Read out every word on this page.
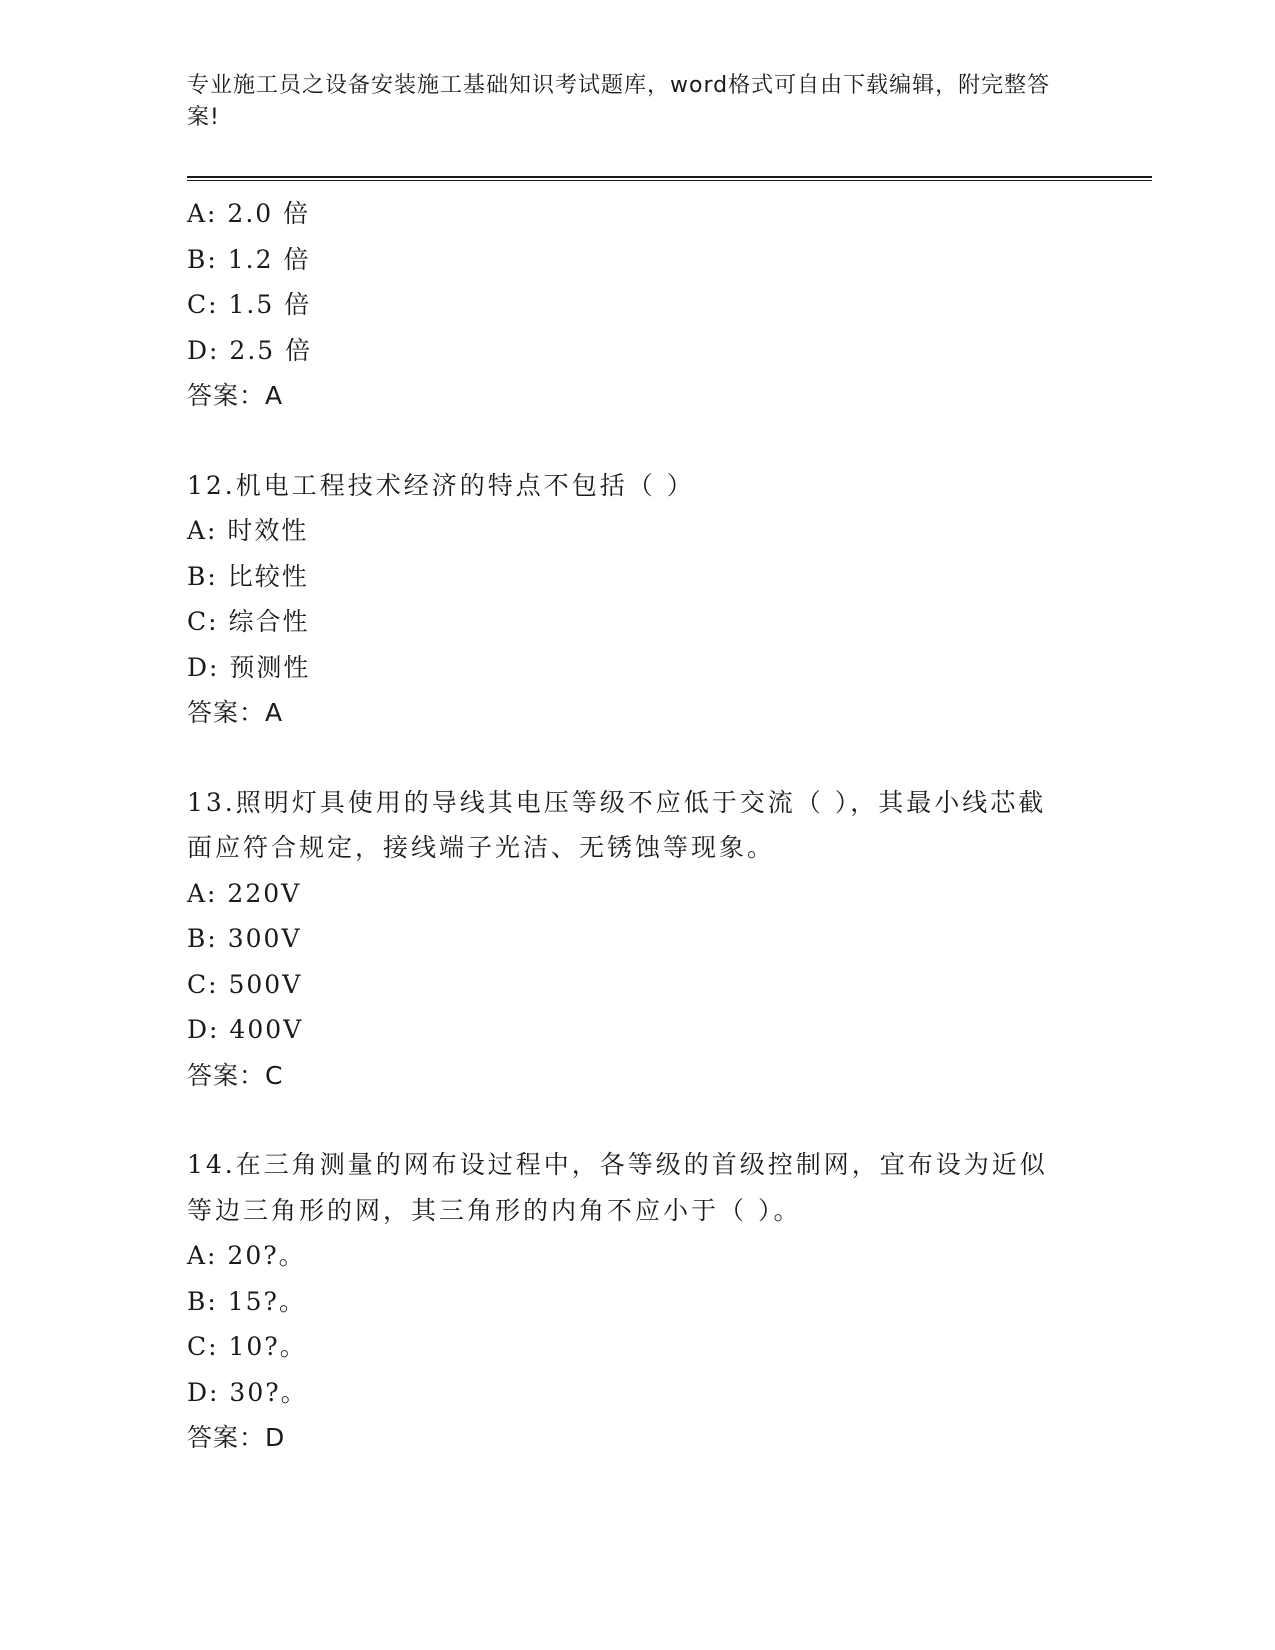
专业施工员之设备安装施工基础知识考试题库，word格式可自由下载编辑，附完整答案!

A: 2.0 倍
B: 1.2 倍
C: 1.5 倍
D: 2.5 倍
答案：A
12.机电工程技术经济的特点不包括（ ）
A: 时效性
B: 比较性
C: 综合性
D: 预测性
答案：A
13.照明灯具使用的导线其电压等级不应低于交流（ ），其最小线芯截面应符合规定，接线端子光洁、无锈蚀等现象。
A: 220V
B: 300V
C: 500V
D: 400V
答案：C
14.在三角测量的网布设过程中，各等级的首级控制网，宜布设为近似等边三角形的网，其三角形的内角不应小于（ ）。
A: 20?。
B: 15?。
C: 10?。
D: 30?。
答案：D
